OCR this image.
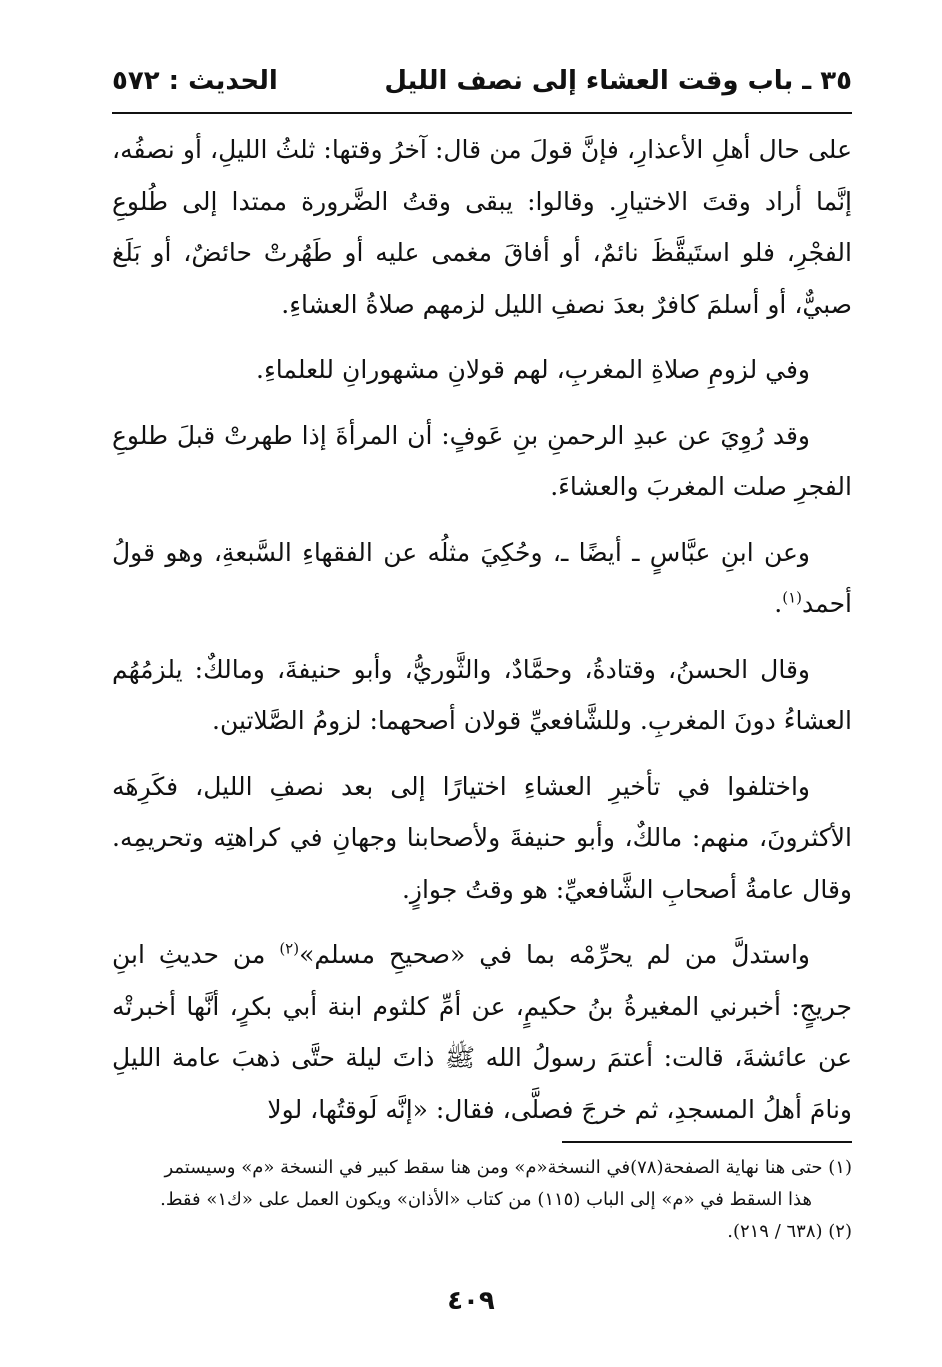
٣٥ ـ باب وقت العشاء إلى نصف الليل
الحديث : ٥٧٢

على حال أهلِ الأعذارِ، فإنَّ قولَ من قال: آخرُ وقتها: ثلثُ الليلِ، أو نصفُه، إنَّما أراد وقتَ الاختيارِ. وقالوا: يبقى وقتُ الضَّرورة ممتدا إلى طُلوعِ الفجْرِ، فلو استَيقَّظَ نائمٌ، أو أفاقَ مغمى عليه أو طَهُرتْ حائضٌ، أو بَلَغ صبيٌّ، أو أسلمَ كافرٌ بعدَ نصفِ الليل لزمهم صلاةُ العشاءِ.

وفي لزومِ صلاةِ المغربِ، لهم قولانِ مشهورانِ للعلماءِ.

وقد رُوِيَ عن عبدِ الرحمنِ بنِ عَوفٍ: أن المرأةَ إذا طهرتْ قبلَ طلوعِ الفجرِ صلت المغربَ والعشاءَ.

وعن ابنِ عبَّاسٍ ـ أيضًا ـ، وحُكِيَ مثلُه عن الفقهاءِ السَّبعةِ، وهو قولُ أحمد$^{(١)}$.

وقال الحسنُ، وقتادةُ، وحمَّادٌ، والثَّوريُّ، وأبو حنيفةَ، ومالكٌ: يلزمُهُم العشاءُ دونَ المغربِ. وللشَّافعيِّ قولان أصحهما: لزومُ الصَّلاتين.

واختلفوا في تأخيرِ العشاءِ اختيارًا إلى بعد نصفِ الليل، فكَرِهَه الأكثرونَ، منهم: مالكٌ، وأبو حنيفةَ ولأصحابنا وجهانِ في كراهتِه وتحريمِه. وقال عامةُ أصحابِ الشَّافعيِّ: هو وقتُ جوازٍ.

واستدلَّ من لم يحرِّمْه بما في «صحيحِ مسلم»$^{(٢)}$ من حديثِ ابنِ جريجٍ: أخبرني المغيرةُ بنُ حكيمٍ، عن أمِّ كلثوم ابنة أبي بكرٍ، أنَّها أخبرتْه عن عائشةَ، قالت: أعتمَ رسولُ الله ﷺ ذاتَ ليلة حتَّى ذهبَ عامة الليلِ ونامَ أهلُ المسجدِ، ثم خرجَ فصلَّى، فقال: «إنَّه لَوقتُها، لولا

(١) حتى هنا نهاية الصفحة(٧٨)في النسخة«م» ومن هنا سقط كبير في النسخة «م» وسيستمر

هذا السقط في «م» إلى الباب (١١٥) من كتاب «الأذان» ويكون العمل على «ك١» فقط.

(٢) (٦٣٨ / ٢١٩).

٤٠٩
